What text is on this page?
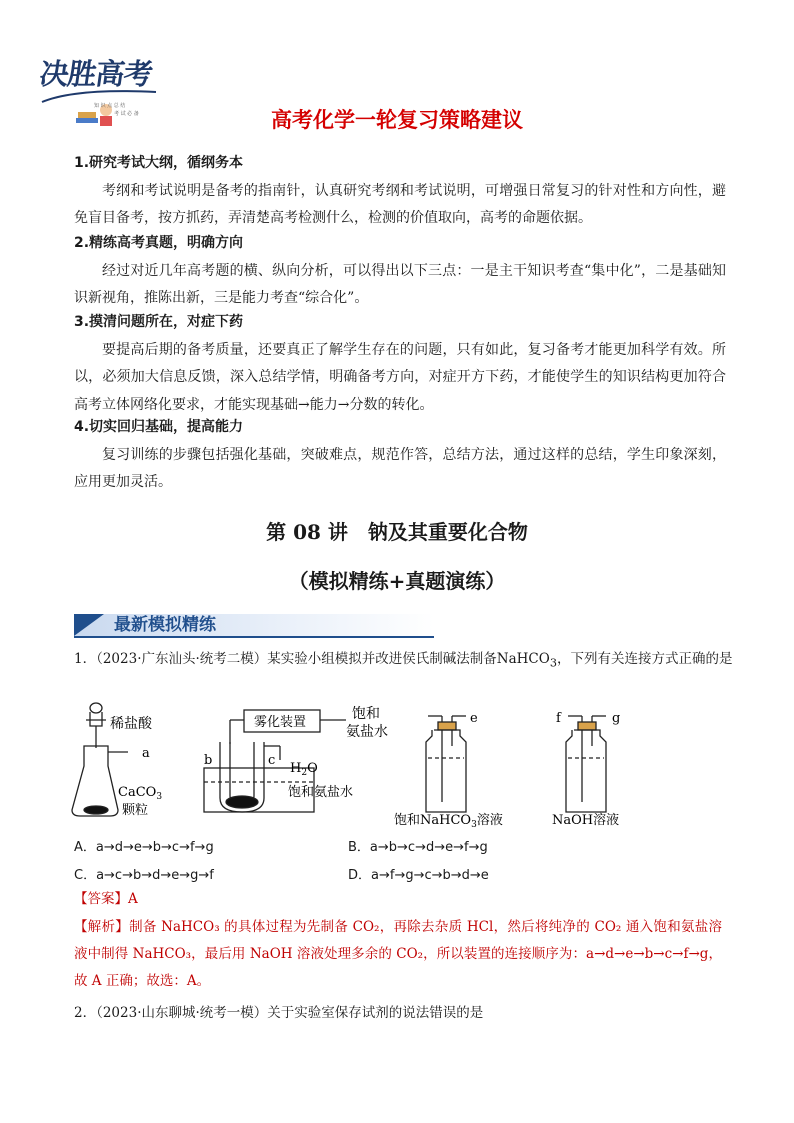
决胜高考
知 识 点 总 结
考 试 必 备	高考化学一轮复习策略建议
1.研究考试大纲，循纲务本

考纲和考试说明是备考的指南针，认真研究考纲和考试说明，可增强日常复习的针对性和方向性，避免盲目备考，按方抓药，弄清楚高考检测什么，检测的价值取向，高考的命题依据。

2.精练高考真题，明确方向

经过对近几年高考题的横、纵向分析，可以得出以下三点：一是主干知识考查“集中化”，二是基础知识新视角，推陈出新，三是能力考查“综合化”。

3.摸清问题所在，对症下药

要提高后期的备考质量，还要真正了解学生存在的问题，只有如此，复习备考才能更加科学有效。所以，必须加大信息反馈，深入总结学情，明确备考方向，对症开方下药，才能使学生的知识结构更加符合高考立体网络化要求，才能实现基础→能力→分数的转化。

4.切实回归基础，提高能力

复习训练的步骤包括强化基础，突破难点，规范作答，总结方法，通过这样的总结，学生印象深刻，应用更加灵活。

第 08 讲　钠及其重要化合物
（模拟精练+真题演练）
最新模拟精练
1．（2023·广东汕头·统考二模）某实验小组模拟并改进侯氏制碱法制备NaHCO$_3$，下列有关连接方式正确的是
稀盐酸
a
CaCO$_3$
颗粒
雾化装置
饱和
氨盐水
b	c
$H_2O$
饱和氨盐水
e
饱和NaHCO$_3$溶液
f	g
NaOH溶液
A．a→d→e→b→c→f→g	B．a→b→c→d→e→f→g
C．a→c→b→d→e→g→f	D．a→f→g→c→b→d→e
【答案】A
【解析】制备 NaHCO₃ 的具体过程为先制备 CO₂，再除去杂质 HCl，然后将纯净的 CO₂ 通入饱和氨盐溶液中制得 NaHCO₃，最后用 NaOH 溶液处理多余的 CO₂，所以装置的连接顺序为：a→d→e→b→c→f→g，故 A 正确；故选：A。
2．（2023·山东聊城·统考一模）关于实验室保存试剂的说法错误的是
